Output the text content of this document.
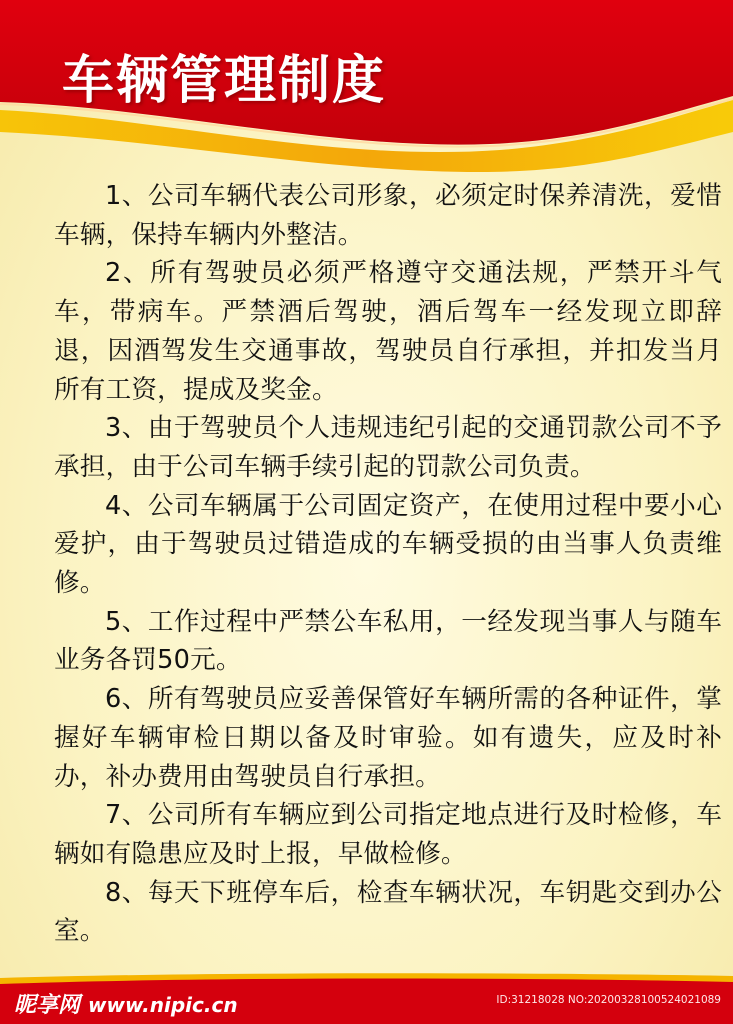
车辆管理制度

1、公司车辆代表公司形象，必须定时保养清洗，爱惜车辆，保持车辆内外整洁。

2、所有驾驶员必须严格遵守交通法规，严禁开斗气车，带病车。严禁酒后驾驶，酒后驾车一经发现立即辞退，因酒驾发生交通事故，驾驶员自行承担，并扣发当月所有工资，提成及奖金。

3、由于驾驶员个人违规违纪引起的交通罚款公司不予承担，由于公司车辆手续引起的罚款公司负责。

4、公司车辆属于公司固定资产，在使用过程中要小心爱护，由于驾驶员过错造成的车辆受损的由当事人负责维修。

5、工作过程中严禁公车私用，一经发现当事人与随车业务各罚50元。

6、所有驾驶员应妥善保管好车辆所需的各种证件，掌握好车辆审检日期以备及时审验。如有遗失，应及时补办，补办费用由驾驶员自行承担。

7、公司所有车辆应到公司指定地点进行及时检修，车辆如有隐患应及时上报，早做检修。

8、每天下班停车后，检查车辆状况，车钥匙交到办公室。

昵享网 www.nipic.cn	ID:31218028 NO:20200328100524021089
